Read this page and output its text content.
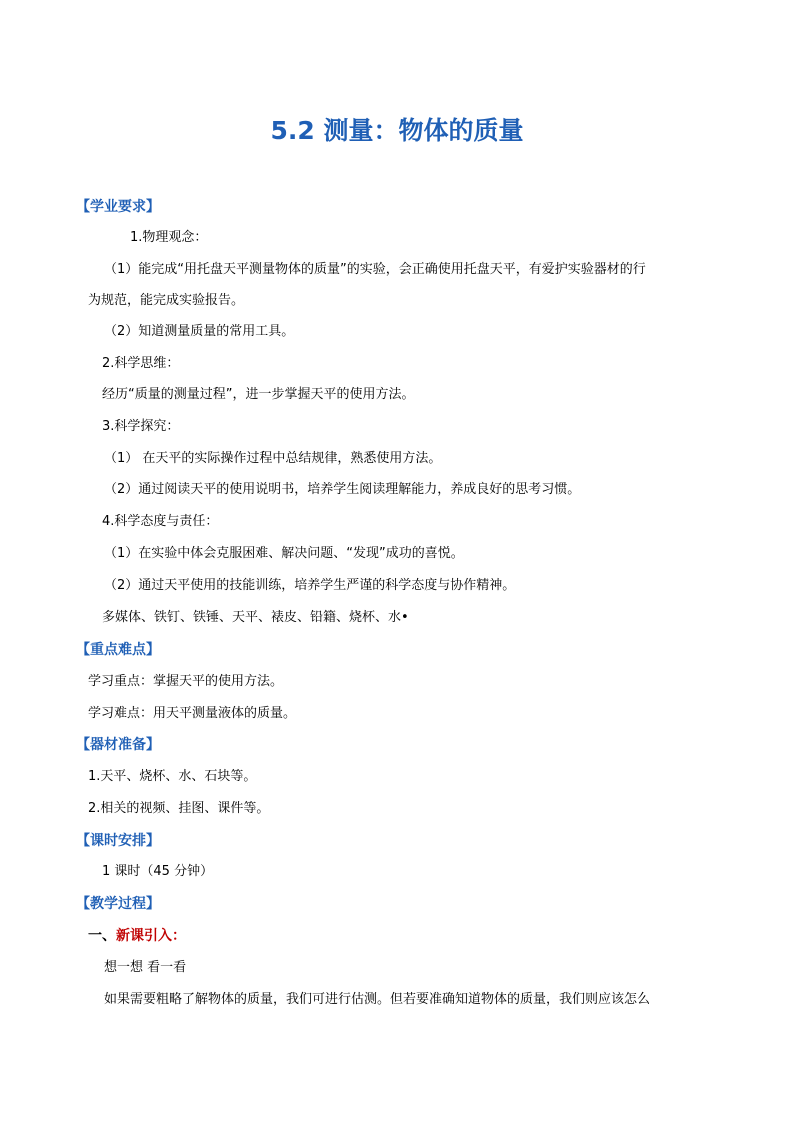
5.2 测量：物体的质量
【学业要求】
1.物理观念：
（1）能完成“用托盘天平测量物体的质量”的实验，会正确使用托盘天平，有爱护实验器材的行
为规范，能完成实验报告。
（2）知道测量质量的常用工具。
2.科学思维：
经历“质量的测量过程”，进一步掌握天平的使用方法。
3.科学探究：
（1） 在天平的实际操作过程中总结规律，熟悉使用方法。
（2）通过阅读天平的使用说明书，培养学生阅读理解能力，养成良好的思考习惯。
4.科学态度与责任：
（1）在实验中体会克服困难、解决问题、“发现”成功的喜悦。
（2）通过天平使用的技能训练，培养学生严谨的科学态度与协作精神。
多媒体、铁钉、铁锤、天平、裱皮、铅籍、烧杯、水•
【重点难点】
学习重点：掌握天平的使用方法。
学习难点：用天平测量液体的质量。
【器材准备】
1.天平、烧杯、水、石块等。
2.相关的视频、挂图、课件等。
【课时安排】
1 课时（45 分钟）
【教学过程】
一、新课引入：
想一想 看一看
如果需要粗略了解物体的质量，我们可进行估测。但若要准确知道物体的质量，我们则应该怎么
